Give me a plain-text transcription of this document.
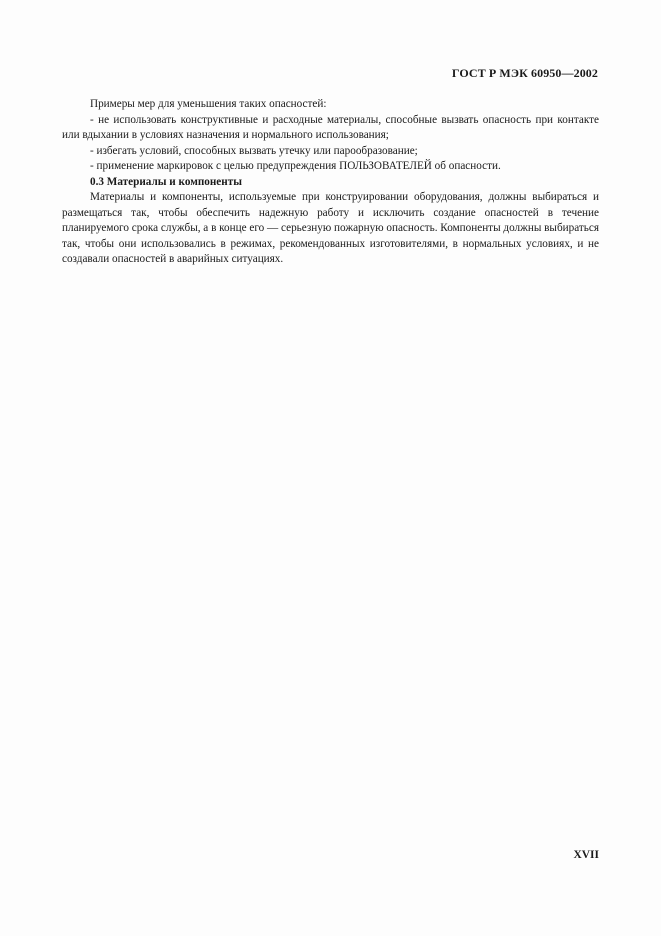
ГОСТ Р МЭК 60950—2002

Примеры мер для уменьшения таких опасностей:

- не использовать конструктивные и расходные материалы, способные вызвать опасность при контакте или вдыхании в условиях назначения и нормального использования;

- избегать условий, способных вызвать утечку или парообразование;

- применение маркировок с целью предупреждения ПОЛЬЗОВАТЕЛЕЙ об опасности.

0.3 Материалы и компоненты

Материалы и компоненты, используемые при конструировании оборудования, должны выбираться и размещаться так, чтобы обеспечить надежную работу и исключить создание опасностей в течение планируемого срока службы, а в конце его — серьезную пожарную опасность. Компоненты должны выбираться так, чтобы они использовались в режимах, рекомендованных изготовителями, в нормальных условиях, и не создавали опасностей в аварийных ситуациях.

XVII
